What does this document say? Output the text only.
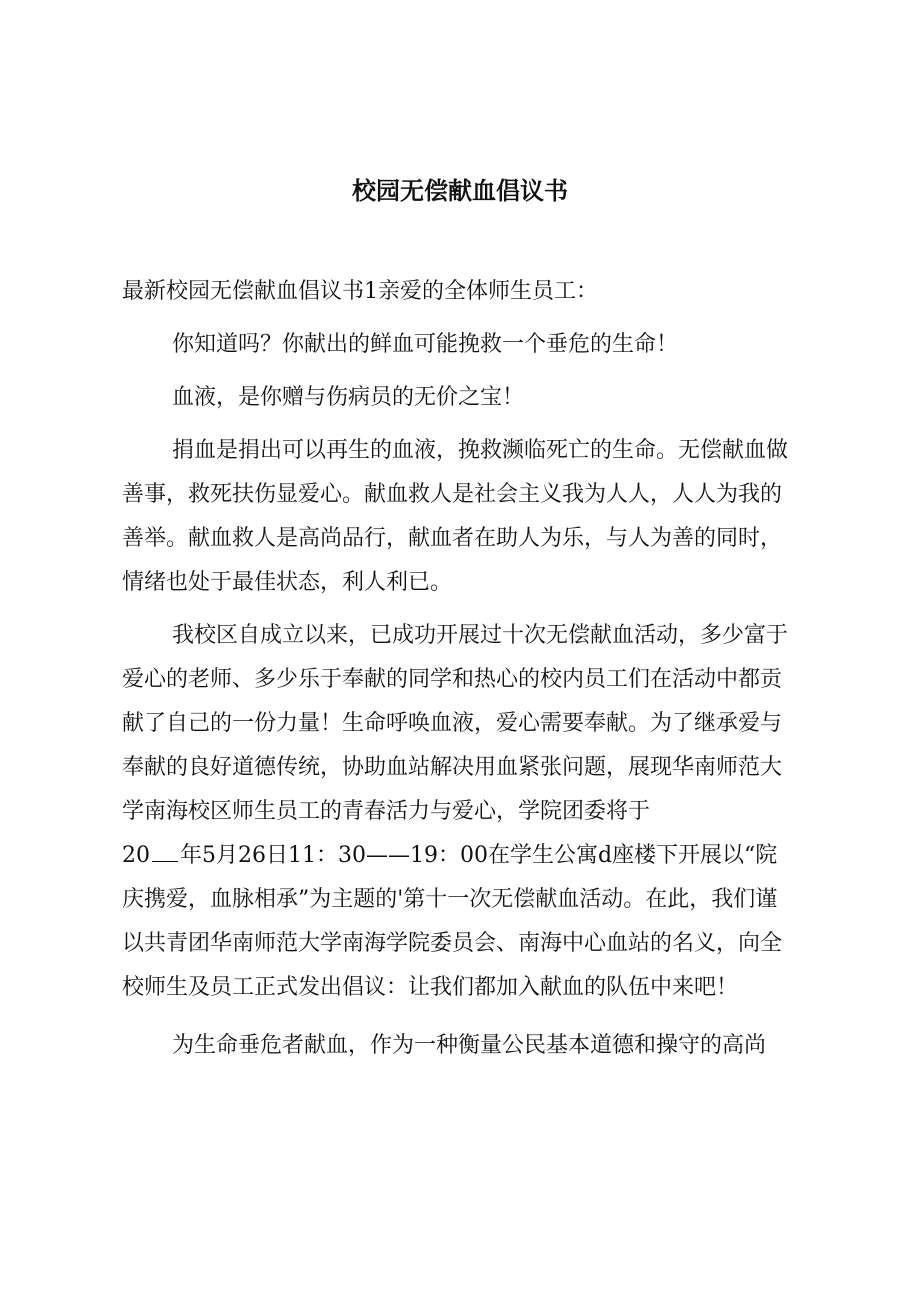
校园无偿献血倡议书

最新校园无偿献血倡议书1亲爱的全体师生员工：

你知道吗？你献出的鲜血可能挽救一个垂危的生命！

血液，是你赠与伤病员的无价之宝！

捐血是捐出可以再生的血液，挽救濒临死亡的生命。无偿献血做善事，救死扶伤显爱心。献血救人是社会主义我为人人，人人为我的善举。献血救人是高尚品行，献血者在助人为乐，与人为善的同时，情绪也处于最佳状态，利人利已。

我校区自成立以来，已成功开展过十次无偿献血活动，多少富于爱心的老师、多少乐于奉献的同学和热心的校内员工们在活动中都贡献了自己的一份力量！生命呼唤血液，爱心需要奉献。为了继承爱与奉献的良好道德传统，协助血站解决用血紧张问题，展现华南师范大学南海校区师生员工的青春活力与爱心，学院团委将于

20 年5月26日11：30——19：00在学生公寓d座楼下开展以“院庆携爱，血脉相承”为主题的'第十一次无偿献血活动。在此，我们谨以共青团华南师范大学南海学院委员会、南海中心血站的名义，向全校师生及员工正式发出倡议：让我们都加入献血的队伍中来吧！

为生命垂危者献血，作为一种衡量公民基本道德和操守的高尚
